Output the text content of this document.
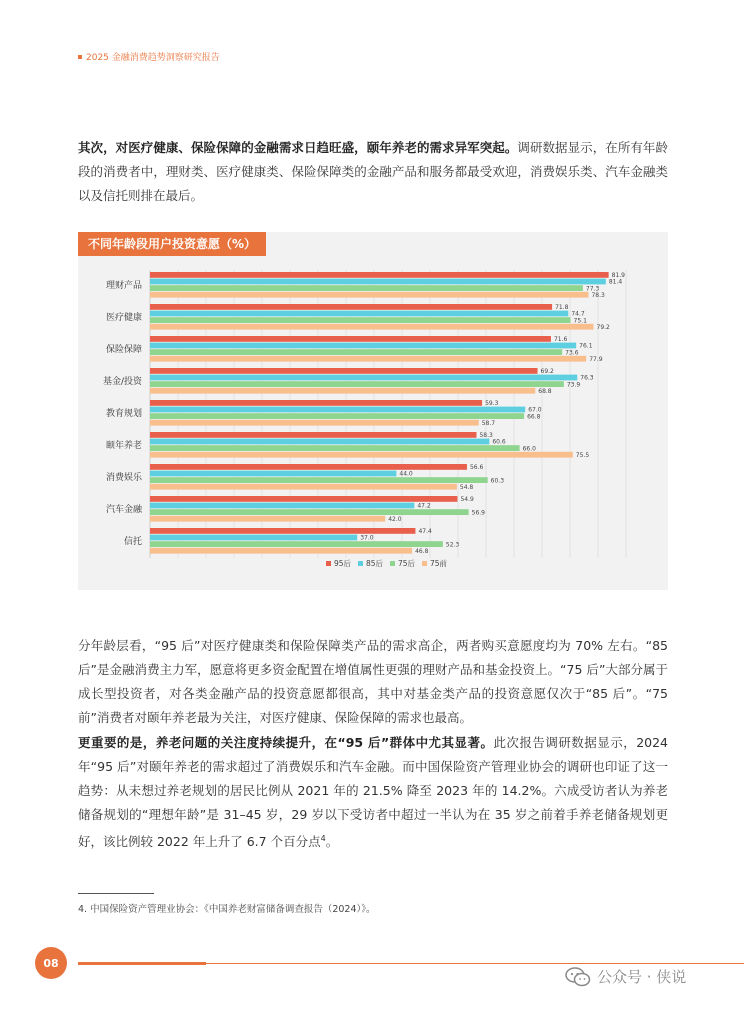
2025 金融消费趋势洞察研究报告

其次，对医疗健康、保险保障的金融需求日趋旺盛，颐年养老的需求异军突起。调研数据显示，在所有年龄段的消费者中，理财类、医疗健康类、保险保障类的金融产品和服务都最受欢迎，消费娱乐类、汽车金融类以及信托则排在最后。

理财产品
81.9
81.4
77.3
78.3
医疗健康
71.8
74.7
75.1
79.2
保险保障
71.6
76.1
73.6
77.9
基金/投资
69.2
76.3
73.9
68.8
教育规划
59.3
67.0
66.8
58.7
颐年养老
58.3
60.6
66.0
75.5
消费娱乐
56.6
44.0
60.3
54.8
汽车金融
54.9
47.2
56.9
42.0
信托
47.4
37.0
52.3
46.8
95后 85后 75后 75前
不同年龄段用户投资意愿（%）

分年龄层看，“95 后”对医疗健康类和保险保障类产品的需求高企，两者购买意愿度均为 70% 左右。“85 后”是金融消费主力军，愿意将更多资金配置在增值属性更强的理财产品和基金投资上。“75 后”大部分属于成长型投资者，对各类金融产品的投资意愿都很高，其中对基金类产品的投资意愿仅次于“85 后”。“75 前”消费者对颐年养老最为关注，对医疗健康、保险保障的需求也最高。

更重要的是，养老问题的关注度持续提升，在“95 后”群体中尤其显著。此次报告调研数据显示，2024 年“95 后”对颐年养老的需求超过了消费娱乐和汽车金融。而中国保险资产管理业协会的调研也印证了这一趋势：从未想过养老规划的居民比例从 2021 年的 21.5% 降至 2023 年的 14.2%。六成受访者认为养老储备规划的“理想年龄”是 31–45 岁，29 岁以下受访者中超过一半认为在 35 岁之前着手养老储备规划更好，该比例较 2022 年上升了 6.7 个百分点$^4$。

4. 中国保险资产管理业协会：《中国养老财富储备调查报告（2024）》。
08
公众号 · 侠说
